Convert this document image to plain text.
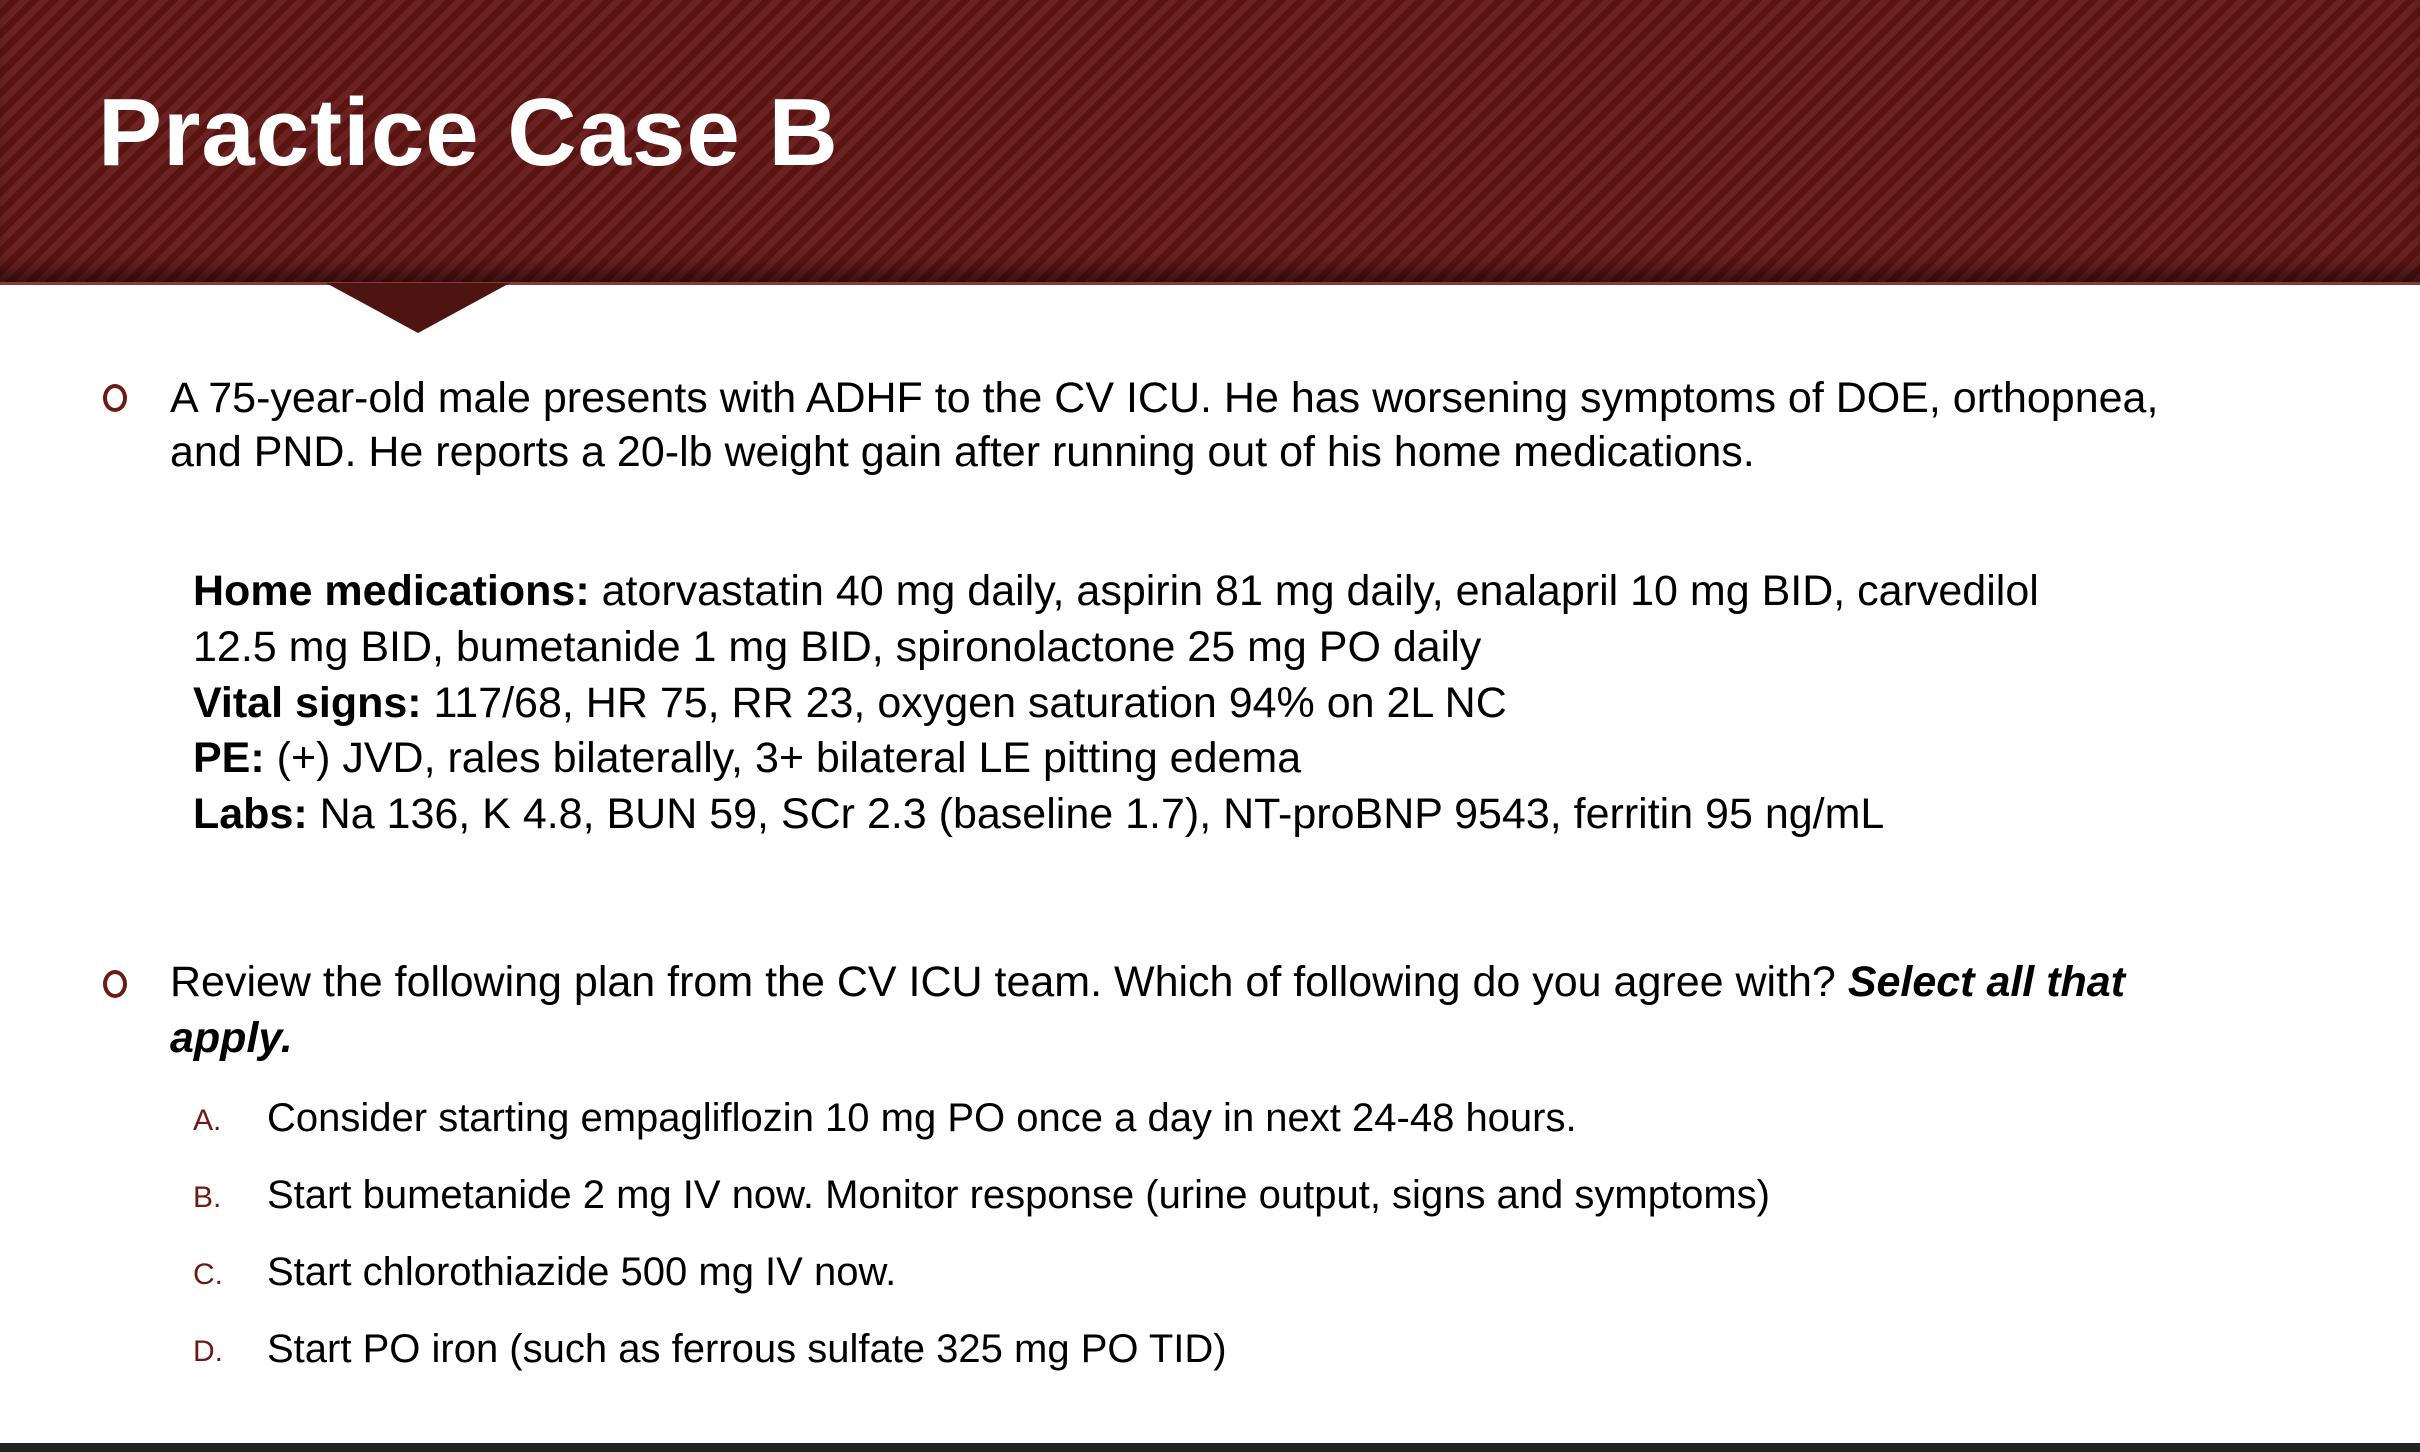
Practice Case B
A 75-year-old male presents with ADHF to the CV ICU. He has worsening symptoms of DOE, orthopnea,
and PND. He reports a 20-lb weight gain after running out of his home medications.
Home medications: atorvastatin 40 mg daily, aspirin 81 mg daily, enalapril 10 mg BID, carvedilol
12.5 mg BID, bumetanide 1 mg BID, spironolactone 25 mg PO daily
Vital signs: 117/68, HR 75, RR 23, oxygen saturation 94% on 2L NC
PE: (+) JVD, rales bilaterally, 3+ bilateral LE pitting edema
Labs: Na 136, K 4.8, BUN 59, SCr 2.3 (baseline 1.7), NT-proBNP 9543, ferritin 95 ng/mL
Review the following plan from the CV ICU team. Which of following do you agree with? Select all that
apply.
A. Consider starting empagliflozin 10 mg PO once a day in next 24-48 hours.
B. Start bumetanide 2 mg IV now. Monitor response (urine output, signs and symptoms)
C. Start chlorothiazide 500 mg IV now.
D. Start PO iron (such as ferrous sulfate 325 mg PO TID)
